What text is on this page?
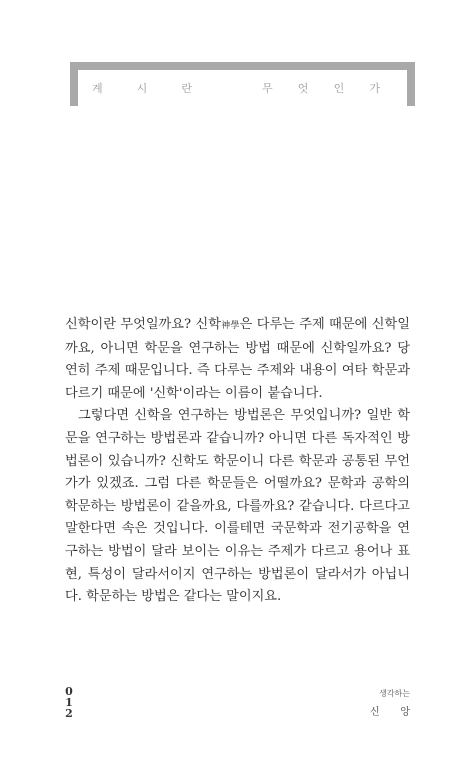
계	시	란	무 엇 인 가

신학이란 무엇일까요? 신학神學은 다루는 주제 때문에 신학일까요, 아니면 학문을 연구하는 방법 때문에 신학일까요? 당연히 주제 때문입니다. 즉 다루는 주제와 내용이 여타 학문과 다르기 때문에 '신학'이라는 이름이 붙습니다.

그렇다면 신학을 연구하는 방법론은 무엇입니까? 일반 학문을 연구하는 방법론과 같습니까? 아니면 다른 독자적인 방법론이 있습니까? 신학도 학문이니 다른 학문과 공통된 무언가가 있겠죠. 그럼 다른 학문들은 어떨까요? 문학과 공학의 학문하는 방법론이 같을까요, 다를까요? 같습니다. 다르다고 말한다면 속은 것입니다. 이를테면 국문학과 전기공학을 연구하는 방법이 달라 보이는 이유는 주제가 다르고 용어나 표현, 특성이 달라서이지 연구하는 방법론이 달라서가 아닙니다. 학문하는 방법은 같다는 말이지요.

0
1
2
생각하는
신 앙
